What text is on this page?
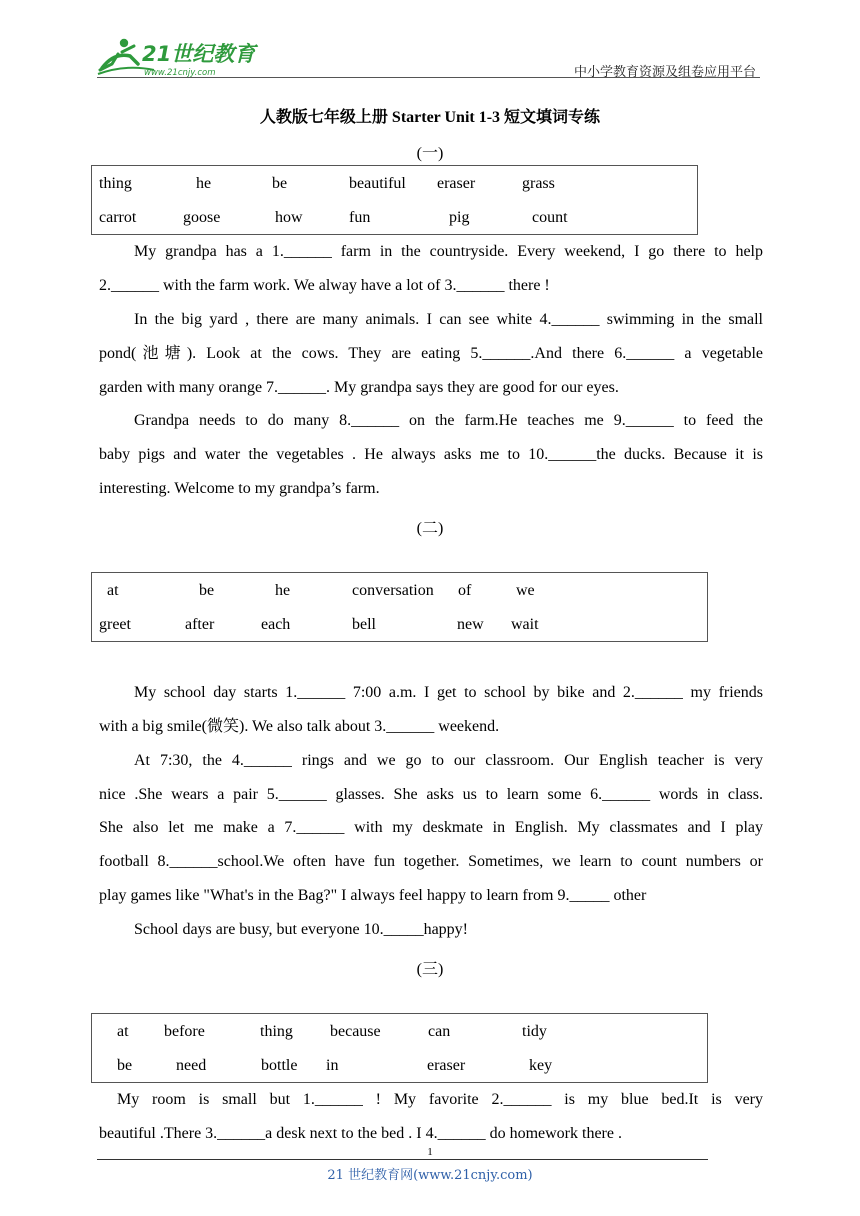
21世纪教育
www.21cnjy.com	中小学教育资源及组卷应用平台
人教版七年级上册 Starter Unit 1-3 短文填词专练
(一)
thing	he	be	beautiful eraser	grass
carrot	goose	how	fun	pig	count
My grandpa has a 1.______ farm in the countryside. Every weekend, I go there to help
2.______ with the farm work. We alway have a lot of 3.______ there !
In the big yard , there are many animals. I can see white 4.______ swimming in the small
pond(池塘). Look at the cows. They are eating 5.______.And there 6.______ a vegetable
garden with many orange 7.______. My grandpa says they are good for our eyes.
Grandpa needs to do many 8.______ on the farm.He teaches me 9.______ to feed the
baby pigs and water the vegetables . He always asks me to 10.______the ducks. Because it is
interesting. Welcome to my grandpa’s farm.
(二)
at	be	he	conversation of	we
greet	after	each	bell	new wait
My school day starts 1.______ 7:00 a.m. I get to school by bike and 2.______ my friends
with a big smile(微笑). We also talk about 3.______ weekend.
At 7:30, the 4.______ rings and we go to our classroom. Our English teacher is very
nice .She wears a pair 5.______ glasses. She asks us to learn some 6.______ words in class.
She also let me make a 7.______ with my deskmate in English. My classmates and I play
football 8.______school.We often have fun together. Sometimes, we learn to count numbers or
play games like "What's in the Bag?" I always feel happy to learn from 9._____ other
School days are busy, but everyone 10._____happy!
(三)
at before	thing because	can	tidy
be	need	bottle in	eraser	key
My room is small but 1.______ ! My favorite 2.______ is my blue bed.It is very
beautiful .There 3.______a desk next to the bed . I 4.______ do homework there .
1
21 世纪教育网(www.21cnjy.com)
